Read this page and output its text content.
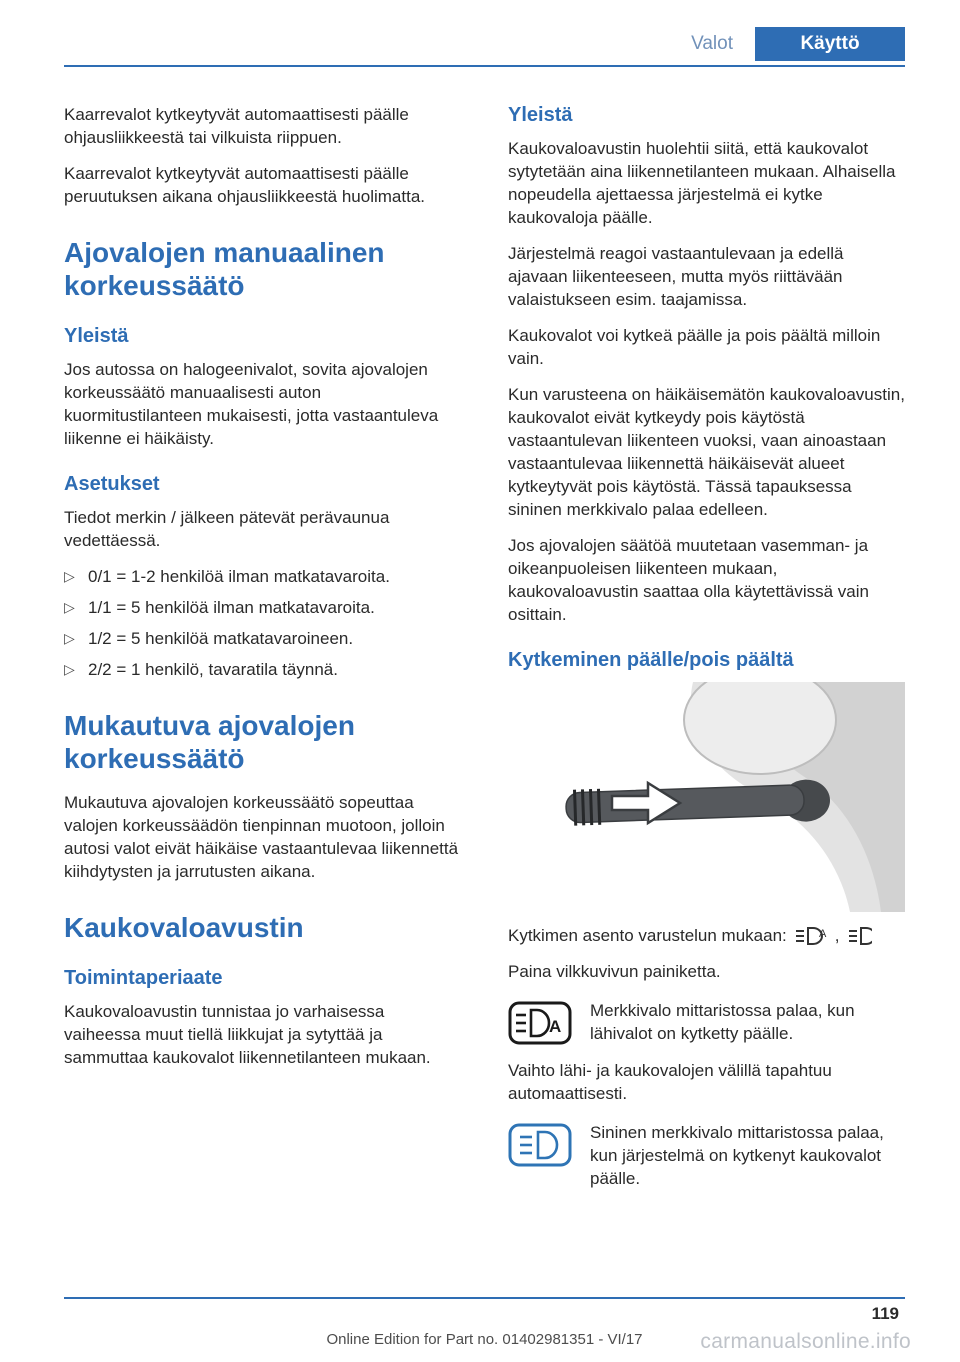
Valot	Käyttö

Kaarrevalot kytkeytyvät automaattisesti päälle ohjausliikkeestä tai vilkuista riippuen.

Kaarrevalot kytkeytyvät automaattisesti päälle peruutuksen aikana ohjausliikkeestä huolimatta.

Ajovalojen manuaalinen korkeussäätö
Yleistä

Jos autossa on halogeenivalot, sovita ajovalojen korkeussäätö manuaalisesti auton kuormitustilanteen mukaisesti, jotta vastaantuleva liikenne ei häikäisty.

Asetukset

Tiedot merkin / jälkeen pätevät perävaunua vedettäessä.

▷ 0/1 = 1-2 henkilöä ilman matkatavaroita.
▷ 1/1 = 5 henkilöä ilman matkatavaroita.
▷ 1/2 = 5 henkilöä matkatavaroineen.
▷ 2/2 = 1 henkilö, tavaratila täynnä.
Mukautuva ajovalojen korkeussäätö

Mukautuva ajovalojen korkeussäätö sopeuttaa valojen korkeussäädön tienpinnan muotoon, jolloin autosi valot eivät häikäise vastaantulevaa liikennettä kiihdytysten ja jarrutusten aikana.

Kaukovaloavustin
Toimintaperiaate

Kaukovaloavustin tunnistaa jo varhaisessa vaiheessa muut tiellä liikkujat ja sytyttää ja sammuttaa kaukovalot liikennetilanteen mukaan.

Yleistä

Kaukovaloavustin huolehtii siitä, että kaukovalot sytytetään aina liikennetilanteen mukaan. Alhaisella nopeudella ajettaessa järjestelmä ei kytke kaukovaloja päälle.

Järjestelmä reagoi vastaantulevaan ja edellä ajavaan liikenteeseen, mutta myös riittävään valaistukseen esim. taajamissa.

Kaukovalot voi kytkeä päälle ja pois päältä milloin vain.

Kun varusteena on häikäisemätön kaukovaloavustin, kaukovalot eivät kytkeydy pois käytöstä vastaantulevan liikenteen vuoksi, vaan ainoastaan vastaantulevaa liikennettä häikäisevät alueet kytkeytyvät pois käytöstä. Tässä tapauksessa sininen merkkivalo palaa edelleen.

Jos ajovalojen säätöä muutetaan vasemman- ja oikeanpuoleisen liikenteen mukaan, kaukovaloavustin saattaa olla käytettävissä vain osittain.

Kytkeminen päälle/pois päältä

Kytkimen asento varustelun mukaan:	A ,

Paina vilkkuvivun painiketta.

A

Merkkivalo mittaristossa palaa, kun lähivalot on kytketty päälle.

Vaihto lähi- ja kaukovalojen välillä tapahtuu automaattisesti.

Sininen merkkivalo mittaristossa palaa, kun järjestelmä on kytkenyt kaukovalot päälle.

119
Online Edition for Part no. 01402981351 - VI/17	carmanualsonline.info
